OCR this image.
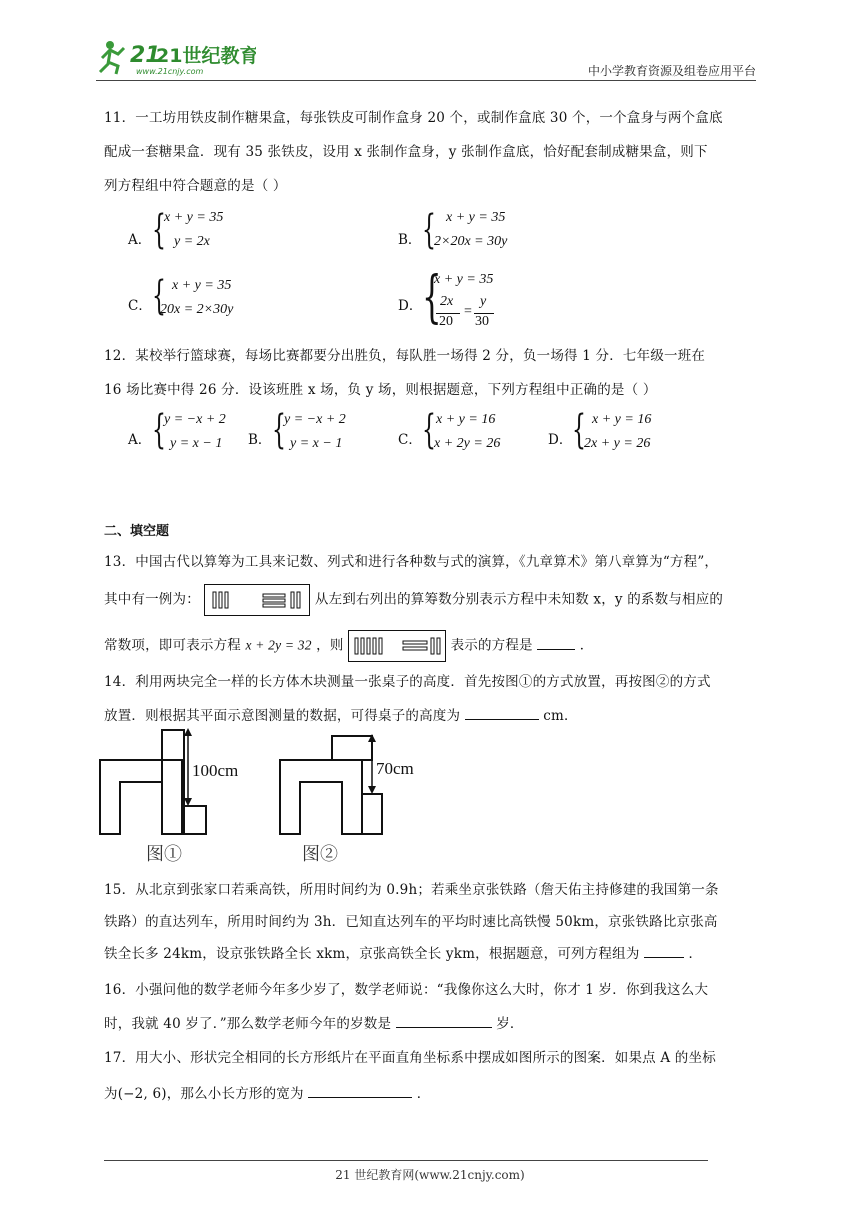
21
21世纪教育
www.21cnjy.com	中小学教育资源及组卷应用平台
11．一工坊用铁皮制作糖果盒，每张铁皮可制作盒身 20 个，或制作盒底 30 个，一个盒身与两个盒底
配成一套糖果盒．现有 35 张铁皮，设用 x 张制作盒身，y 张制作盒底，恰好配套制成糖果盒，则下
列方程组中符合题意的是（ ）
A． {
x + y = 35
y = 2x	B． { x + y = 35
2×20x = 30y
C． { x + y = 35
20x = 2×30y	D． {
x + y = 35
2x
20
=
y
30
12．某校举行篮球赛，每场比赛都要分出胜负，每队胜一场得 2 分，负一场得 1 分．七年级一班在
16 场比赛中得 26 分．设该班胜 x 场，负 y 场，则根据题意，下列方程组中正确的是（ ）
A． {
y = −x + 2
y = x − 1 B． {
y = −x + 2
y = x − 1	C． { x + y = 16
x + 2y = 26	D． { x + y = 16
2x + y = 26
二、填空题
13．中国古代以算筹为工具来记数、列式和进行各种数与式的演算，《九章算术》第八章算为“方程”，
其中有一例为：	从左到右列出的算筹数分别表示方程中未知数 x，y 的系数与相应的
常数项，即可表示方程 x + 2y = 32 ，则	表示的方程是	．
14．利用两块完全一样的长方体木块测量一张桌子的高度．首先按图①的方式放置，再按图②的方式
放置．则根据其平面示意图测量的数据，可得桌子的高度为	cm．
100cm	70cm
图①	图②
15．从北京到张家口若乘高铁，所用时间约为 0.9h；若乘坐京张铁路（詹天佑主持修建的我国第一条
铁路）的直达列车，所用时间约为 3h．已知直达列车的平均时速比高铁慢 50km，京张铁路比京张高
铁全长多 24km，设京张铁路全长 xkm，京张高铁全长 ykm，根据题意，可列方程组为	．
16．小强问他的数学老师今年多少岁了，数学老师说：“我像你这么大时，你才 1 岁．你到我这么大
时，我就 40 岁了．”那么数学老师今年的岁数是	岁．
17．用大小、形状完全相同的长方形纸片在平面直角坐标系中摆成如图所示的图案．如果点 A 的坐标
为(−2, 6)，那么小长方形的宽为	．
21 世纪教育网(www.21cnjy.com)
